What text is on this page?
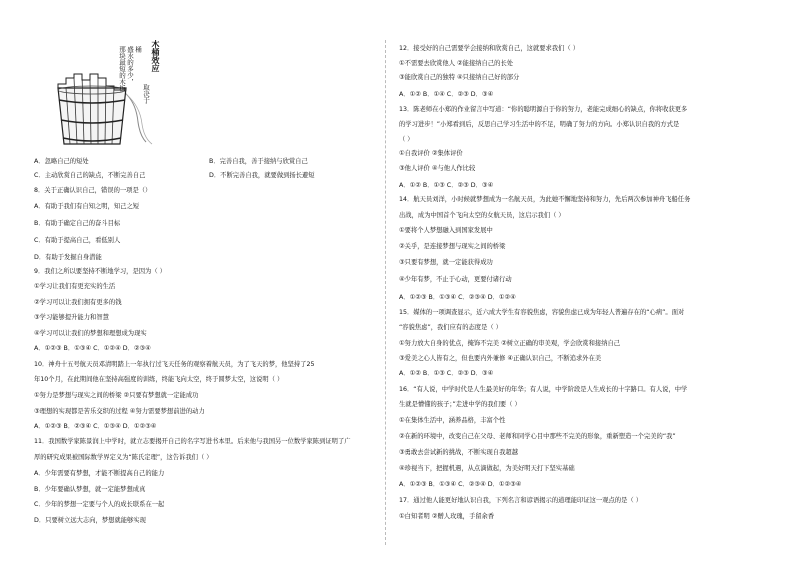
木桶效应
桶
盛水的多少，
取决于
那块最短的木板
A．忽略自己的短处	B．完善自我，善于接纳与欣赏自己
C．主动欣赏自己的缺点，不断完善自己	D．不断完善自我，就要做到扬长避短
8．关于正确认识自己，错误的一项是（）
A．有助于我们有自知之明，知己之短
B．有助于确定自己的奋斗目标
C．有助于提高自己，看低别人
D．有助于发掘自身潜能
9．我们之所以要坚持不断地学习，是因为（ ）
①学习让我们有更充实的生活
②学习可以让我们拥有更多的钱
③学习能够提升能力和智慧
④学习可以让我们的梦想和理想成为现实
A．①②③ B．①③④ C．①②④ D．②③④
10．神舟十五号航天员邓清明踏上一年执行过飞天任务的观察着航天员，为了飞天的梦，他坚持了25
年10个月，在此期间他在坚持高强度的训练，终能飞向太空，终于圆梦太空，这说明（ ）
①努力是梦想与现实之间的桥梁 ②只要有梦想就一定能成功
③理想的实现都是苦乐交织的过程 ④努力需要梦想前进的动力
A．①②③ B．②③④ C．①③④ D．①②③④
11．我国数学家陈景润上中学时，就立志要揭开自己的名字写进书本里。后来他与我国另一位数学家陈到证明了广
厚的研究成果被国际数学界定义为“陈氏定理”，这告诉我们（ ）
A．少年需要有梦想，才能不断提高自己的能力
B．少年要确认梦想，就一定能梦想成真
C．少年的梦想一定要与个人的成长联系在一起
D．只要树立远大志向，梦想就能够实现
12．接受好的自己需要学会接纳和欣赏自己，这就要求我们（ ）
①不需要去欣赏他人 ②能接纳自己的长处
③能欣赏自己的独特 ④只接纳自己好的部分
A．①② B．①④ C．②③ D．③④
13．陈老师在小郑的作业留言中写道：“你的聪明源自于你的努力，老能完成细心的缺点，你将收获更多
的学习进步！”小郑看到后，反思自己学习生活中的不足，明确了努力的方向。小郑认识自我的方式是
（ ）
①自我评价 ②集体评价
③他人评价 ④与他人作比较
A．①② B．①③ C．②③ D．③④
14．航天员刘洋，小时候就梦想成为一名航天员，为此她不懈地坚持和努力，先后两次参加神舟飞船任务
出战，成为中国首个飞向太空的女航天员，这启示我们（ ）
①要将个人梦想融入到国家发展中
②关乎，是连接梦想与现实之间的桥梁
③只要有梦想，就一定能获得成功
④少年有梦，不止于心动，更要付诸行动
A．①②③ B．①③④ C．②③④ D．①②④
15．媒体的一项调查显示，近六成大学生有容貌焦虑，容貌焦虑已成为年轻人普遍存在的“心病”。面对
“容貌焦虑”，我们应有的态度是（ ）
①努力放大自身的优点，掩饰不完美 ②树立正确的审美观，学会欣赏和接纳自己
③爱美之心人皆有之，但也要内外兼修 ④正确认识自己，不断追求外在美
A．①② B．①③ C．②③ D．③④
16．“有人说，中学时代是人生最美好的年华；有人说，中学阶段是人生成长的十字路口。有人说，中学
生就是懵懂的孩子；”走进中学的我们要（ ）
①在集体生活中，涵养品格，丰富个性
②在新的环境中，改变自己在父母、老师和同学心目中那些不完美的形象，重新塑造一个完美的“我”
③勇敢去尝试新的挑战，不断实现自我超越
④珍视当下，把握机遇，从点滴做起，为美好明天打下坚实基础
A．①②③ B．①③④ C．②③④ D．①②③④
17．通过他人能更好地认识自我，下列名言和谚语揭示的道理能印证这一观点的是（ ）
①白知者明 ②赠人玫瑰，手留余香
